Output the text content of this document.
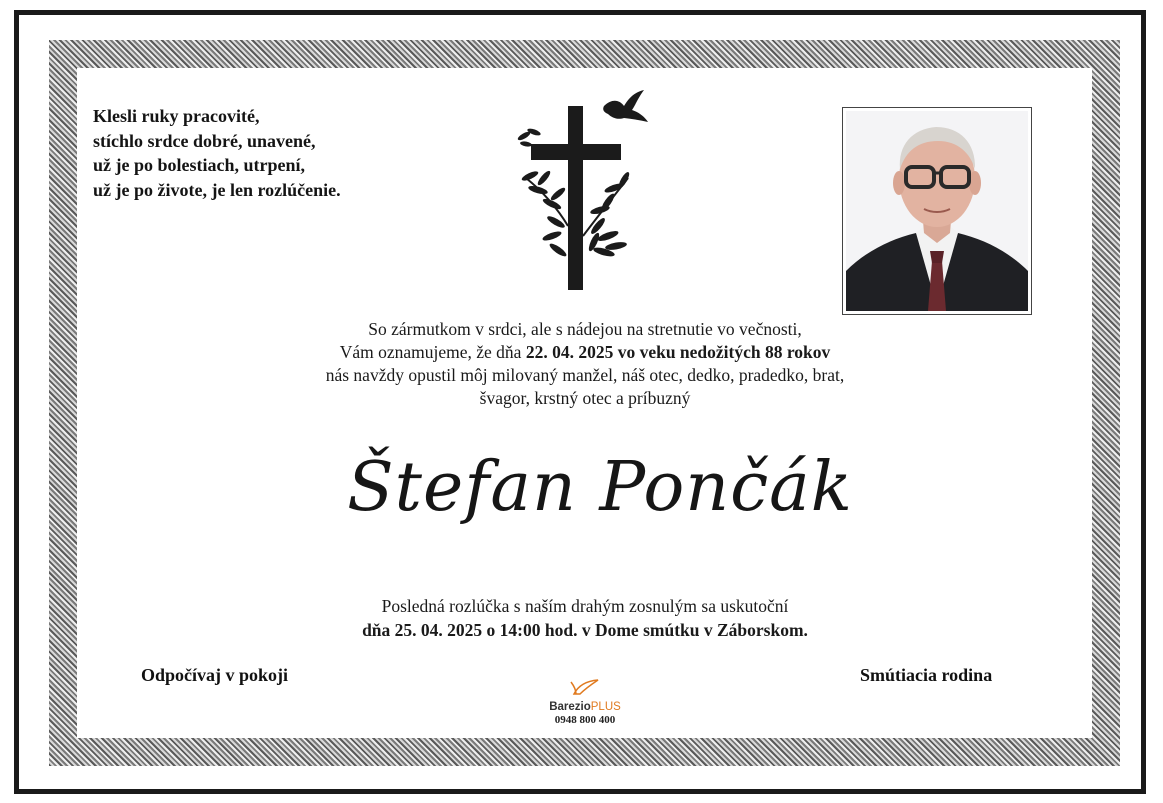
Klesli ruky pracovité,
stíchlo srdce dobré, unavené,
už je po bolestiach, utrpení,
už je po živote, je len rozlúčenie.
So zármutkom v srdci, ale s nádejou na stretnutie vo večnosti,
Vám oznamujeme, že dňa 22. 04. 2025 vo veku nedožitých 88 rokov
nás navždy opustil môj milovaný manžel, náš otec, dedko, pradedko, brat,
švagor, krstný otec a príbuzný
Štefan Pončák
Posledná rozlúčka s naším drahým zosnulým sa uskutoční
dňa 25. 04. 2025 o 14:00 hod. v Dome smútku v Záborskom.
Odpočívaj v pokoji	Smútiacia rodina
BarezioPLUS
0948 800 400
